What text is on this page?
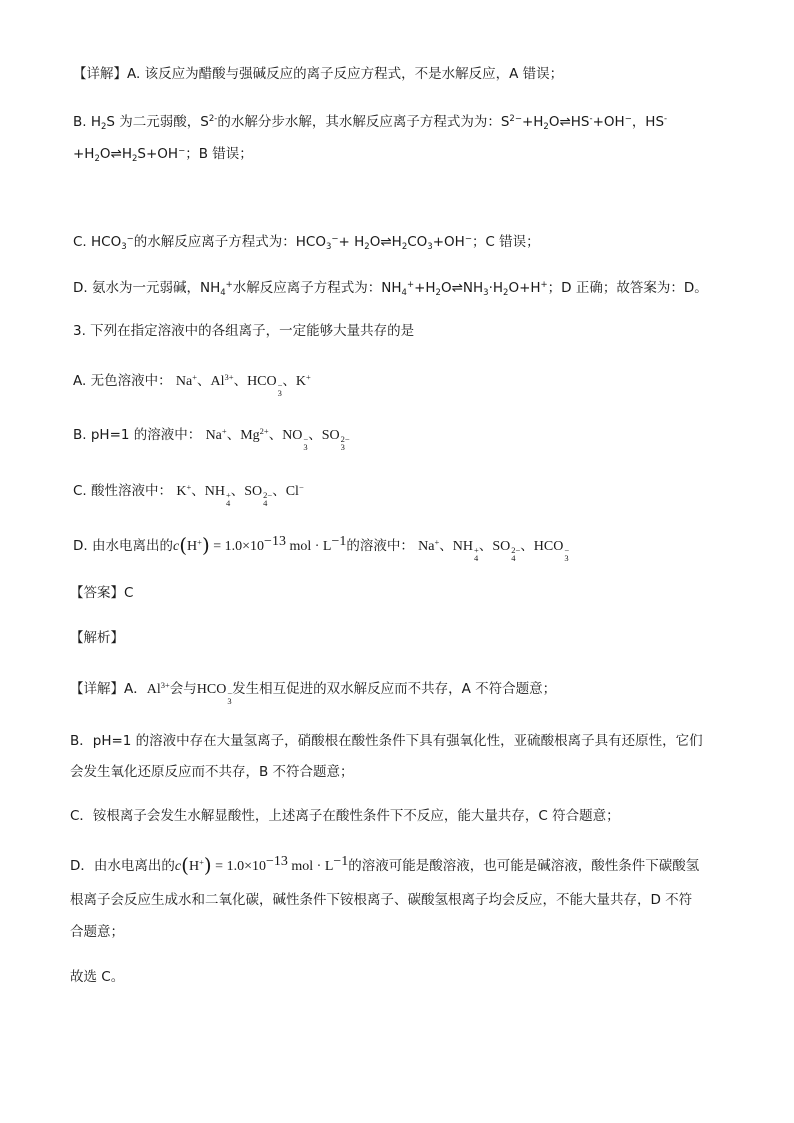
【详解】A. 该反应为醋酸与强碱反应的离子反应方程式，不是水解反应，A 错误；
B. $H_2S$ 为二元弱酸，$S^{2-}$的水解分步水解，其水解反应离子方程式为为：$S^{2-}+H_2O\rightleftharpoons HS^-+OH^-$，HS-
$+H_2O\rightleftharpoons H_2S+OH^-$；B 错误；
C. $HCO_3^-$的水解反应离子方程式为：$HCO_3^-+$ $H_2O\rightleftharpoons H_2CO_3+OH^-$；C 错误；
D. 氨水为一元弱碱，$NH_4^+$水解反应离子方程式为：$NH_4^++H_2O\rightleftharpoons NH_3\cdot H_2O+H^+$；D 正确；故答案为：D。
3. 下列在指定溶液中的各组离子，一定能够大量共存的是
A. 无色溶液中： Na+、$Al^{3+}$、HCO −
3
、K+
B. pH=1 的溶液中： Na+、$Mg^{2+}$、NO −
3
、SO 2−
3
C. 酸性溶液中： K+、NH +
4
、SO 2−
4
、Cl−
D. 由水电离出的$c(H^+) = 1.0\times 10^{-13}$ mol · $L^{-1}$的溶液中： Na+、NH +
4
、SO 2−
4
、HCO −
3
【答案】C
【解析】
【详解】A．$Al^{3+}$会与HCO −
3
发生相互促进的双水解反应而不共存，A 不符合题意；
B．pH=1 的溶液中存在大量氢离子，硝酸根在酸性条件下具有强氧化性，亚硫酸根离子具有还原性，它们
会发生氧化还原反应而不共存，B 不符合题意；
C．铵根离子会发生水解显酸性，上述离子在酸性条件下不反应，能大量共存，C 符合题意；
D．由水电离出的$c(H^+) = 1.0\times 10^{-13}$ mol · $L^{-1}$的溶液可能是酸溶液，也可能是碱溶液，酸性条件下碳酸氢
根离子会反应生成水和二氧化碳，碱性条件下铵根离子、碳酸氢根离子均会反应，不能大量共存，D 不符
合题意；
故选 C。
